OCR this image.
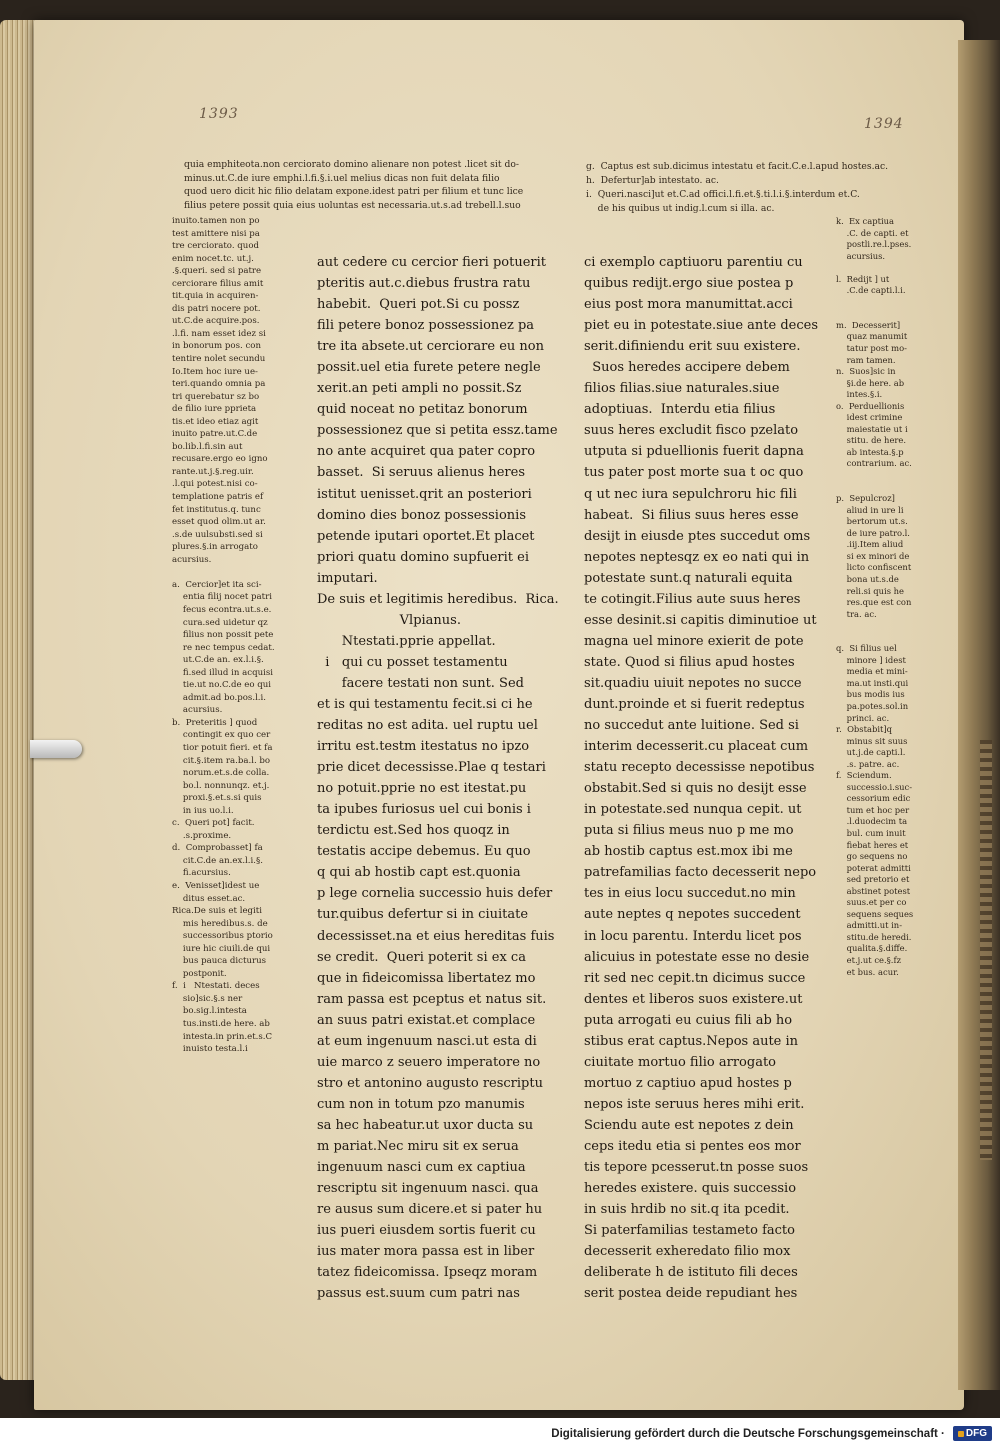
1393
1394
quia emphiteota.non cerciorato domino alienare non potest .licet sit do-
minus.ut.C.de iure emphi.l.fi.§.i.uel melius dicas non fuit delata filio
quod uero dicit hic filio delatam expone.idest patri per filium et tunc lice
filius petere possit quia eius uoluntas est necessaria.ut.s.ad trebell.l.suo
inuito.tamen non po
test amittere nisi pa
tre cerciorato. quod
enim nocet.tc. ut.j.
.§.queri. sed si patre
cerciorare filius amit
tit.quia in acquiren-
dis patri nocere pot.
ut.C.de acquire.pos.
.l.fi. nam esset idez si
in bonorum pos. con
tentire nolet secundu
Io.Item hoc iure ue-
teri.quando omnia pa
tri querebatur sz bo
de filio iure pprieta
tis.et ideo etiaz agit
inuito patre.ut.C.de
bo.lib.l.fi.sin aut
recusare.ergo eo igno
rante.ut.j.§.reg.uir.
.l.qui potest.nisi co-
templatione patris ef
fet institutus.q. tunc
esset quod olim.ut ar.
.s.de uulsubsti.sed si
plures.§.in arrogato
acursius.

a.  Cercior]et ita sci-
entia filij nocet patri
fecus econtra.ut.s.e.
cura.sed uidetur qz
filius non possit pete
re nec tempus cedat.
ut.C.de an. ex.l.i.§.
fi.sed illud in acquisi
tie.ut no.C.de eo qui
admit.ad bo.pos.l.i.
acursius.
b.  Preteritis ] quod
contingit ex quo cer
tior potuit fieri. et fa
cit.§.item ra.ba.l. bo
norum.et.s.de colla.
bo.l. nonnunqz. et.j.
proxi.§.et.s.si quis
in ius uo.l.i.
c.  Queri pot] facit.
.s.proxime.
d.  Comprobasset] fa
cit.C.de an.ex.l.i.§.
fi.acursius.
e.  Venisset]idest ue
ditus esset.ac.
Rica.De suis et legiti
mis heredibus.s. de
successoribus ptorio
iure hic ciuili.de qui
bus pauca dicturus
postponit.
f.  i   Ntestati. deces
sio]sic.§.s ner
bo.sig.l.intesta
tus.insti.de here. ab
intesta.in prin.et.s.C
inuisto testa.l.i
aut cedere cu cercior fieri potuerit
pteritis aut.c.diebus frustra ratu
habebit.  Queri pot.Si cu possz
fili petere bonoz possessionez pa
tre ita absete.ut cerciorare eu non
possit.uel etia furete petere negle
xerit.an peti ampli no possit.Sz
quid noceat no petitaz bonorum
possessionez que si petita essz.tame
no ante acquiret qua pater copro
basset.  Si seruus alienus heres
istitut uenisset.qrit an posteriori
domino dies bonoz possessionis
petende iputari oportet.Et placet
priori quatu domino supfuerit ei
imputari.
De suis et legitimis heredibus.  Rica.
Vlpianus.
Ntestati.pprie appellat.
i   qui cu posset testamentu
facere testati non sunt. Sed
et is qui testamentu fecit.si ci he
reditas no est adita. uel ruptu uel
irritu est.testm itestatus no ipzo
prie dicet decessisse.Plae q testari
no potuit.pprie no est itestat.pu
ta ipubes furiosus uel cui bonis i
terdictu est.Sed hos quoqz in
testatis accipe debemus. Eu quo
q qui ab hostib capt est.quonia
p lege cornelia successio huis defer
tur.quibus defertur si in ciuitate
decessisset.na et eius hereditas fuis
se credit.  Queri poterit si ex ca
que in fideicomissa libertatez mo
ram passa est pceptus et natus sit.
an suus patri existat.et complace
at eum ingenuum nasci.ut esta di
uie marco z seuero imperatore no
stro et antonino augusto rescriptu
cum non in totum pzo manumis
sa hec habeatur.ut uxor ducta su
m pariat.Nec miru sit ex serua
ingenuum nasci cum ex captiua
rescriptu sit ingenuum nasci. qua
re ausus sum dicere.et si pater hu
ius pueri eiusdem sortis fuerit cu
ius mater mora passa est in liber
tatez fideicomissa. Ipseqz moram
passus est.suum cum patri nas
g.  Captus est sub.dicimus intestatu et facit.C.e.l.apud hostes.ac.
h.  Defertur]ab intestato. ac.
i.  Queri.nasci]ut et.C.ad offici.l.fi.et.§.ti.l.i.§.interdum et.C.
de his quibus ut indig.l.cum si illa. ac.
ci exemplo captiuoru parentiu cu
quibus redijt.ergo siue postea p
eius post mora manumittat.acci
piet eu in potestate.siue ante deces
serit.difiniendu erit suu existere.
Suos heredes accipere debem
filios filias.siue naturales.siue
adoptiuas.  Interdu etia filius
suus heres excludit fisco pzelato
utputa si pduellionis fuerit dapna
tus pater post morte sua t oc quo
q ut nec iura sepulchroru hic fili
habeat.  Si filius suus heres esse
desijt in eiusde ptes succedut oms
nepotes neptesqz ex eo nati qui in
potestate sunt.q naturali equita
te cotingit.Filius aute suus heres
esse desinit.si capitis diminutioe ut
magna uel minore exierit de pote
state. Quod si filius apud hostes
sit.quadiu uiuit nepotes no succe
dunt.proinde et si fuerit redeptus
no succedut ante luitione. Sed si
interim decesserit.cu placeat cum
statu recepto decessisse nepotibus
obstabit.Sed si quis no desijt esse
in potestate.sed nunqua cepit. ut
puta si filius meus nuo p me mo
ab hostib captus est.mox ibi me
patrefamilias facto decesserit nepo
tes in eius locu succedut.no min
aute neptes q nepotes succedent
in locu parentu. Interdu licet pos
alicuius in potestate esse no desie
rit sed nec cepit.tn dicimus succe
dentes et liberos suos existere.ut
puta arrogati eu cuius fili ab ho
stibus erat captus.Nepos aute in
ciuitate mortuo filio arrogato
mortuo z captiuo apud hostes p
nepos iste seruus heres mihi erit.
Sciendu aute est nepotes z dein
ceps itedu etia si pentes eos mor
tis tepore pcesserut.tn posse suos
heredes existere. quis successio
in suis hrdib no sit.q ita pcedit.
Si paterfamilias testameto facto
decesserit exheredato filio mox
deliberate h de istituto fili deces
serit postea deide repudiant hes
k.  Ex captiua
.C. de capti. et
postli.re.l.pses.
acursius.

l.  Redijt ] ut
.C.de capti.l.i.

m.  Decesserit]
quaz manumit
tatur post mo-
ram tamen.
n.  Suos]sic in
§i.de here. ab
intes.§.i.
o.  Perduellionis
idest crimine
maiestatie ut i
stitu. de here.
ab intesta.§.p
contrarium. ac.

p.  Sepulcroz]
aliud in ure li
bertorum ut.s.
de iure patro.l.
.iij.Item aliud
si ex minori de
licto confiscent
bona ut.s.de
reli.si quis he
res.que est con
tra. ac.

q.  Si filius uel
minore ] idest
media et mini-
ma.ut insti.qui
bus modis ius
pa.potes.sol.in
princi. ac.
r.  Obstabit]q
minus sit suus
ut.j.de capti.l.
.s. patre. ac.
f.  Sciendum.
successio.i.suc-
cessorium edic
tum et hoc per
.l.duodecim ta
bul. cum inuit
fiebat heres et
go sequens no
poterat admitti
sed pretorio et
abstinet potest
suus.et per co
sequens seques
admitti.ut in-
stitu.de heredi.
qualita.§.diffe.
et.j.ut ce.§.fz
et bus. acur.
Digitalisierung gefördert durch die Deutsche Forschungsgemeinschaft · DFG
